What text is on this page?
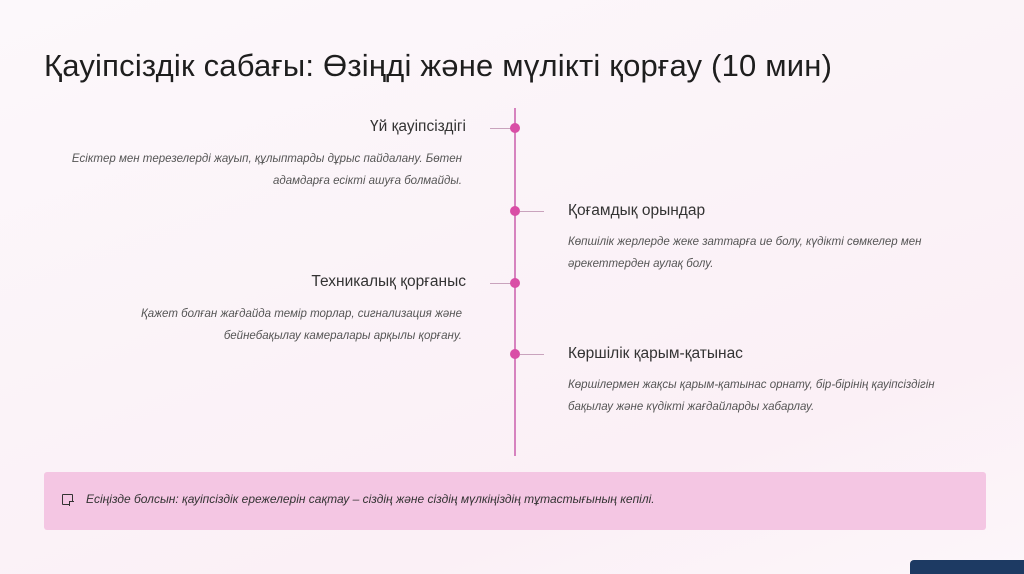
Қауіпсіздік сабағы: Өзіңді және мүлікті қорғау (10 мин)
Үй қауіпсіздігі
Есіктер мен терезелерді жауып, құлыптарды дұрыс пайдалану. Бөтен
адамдарға есікті ашуға болмайды.
Қоғамдық орындар
Көпшілік жерлерде жеке заттарға ие болу, күдікті сөмкелер мен
әрекеттерден аулақ болу.
Техникалық қорғаныс
Қажет болған жағдайда темір торлар, сигнализация және
бейнебақылау камералары арқылы қорғану.
Көршілік қарым-қатынас
Көршілермен жақсы қарым-қатынас орнату, бір-бірінің қауіпсіздігін
бақылау және күдікті жағдайларды хабарлау.
Есіңізде болсын: қауіпсіздік ережелерін сақтау – сіздің және сіздің мүлкіңіздің тұтастығының кепілі.
